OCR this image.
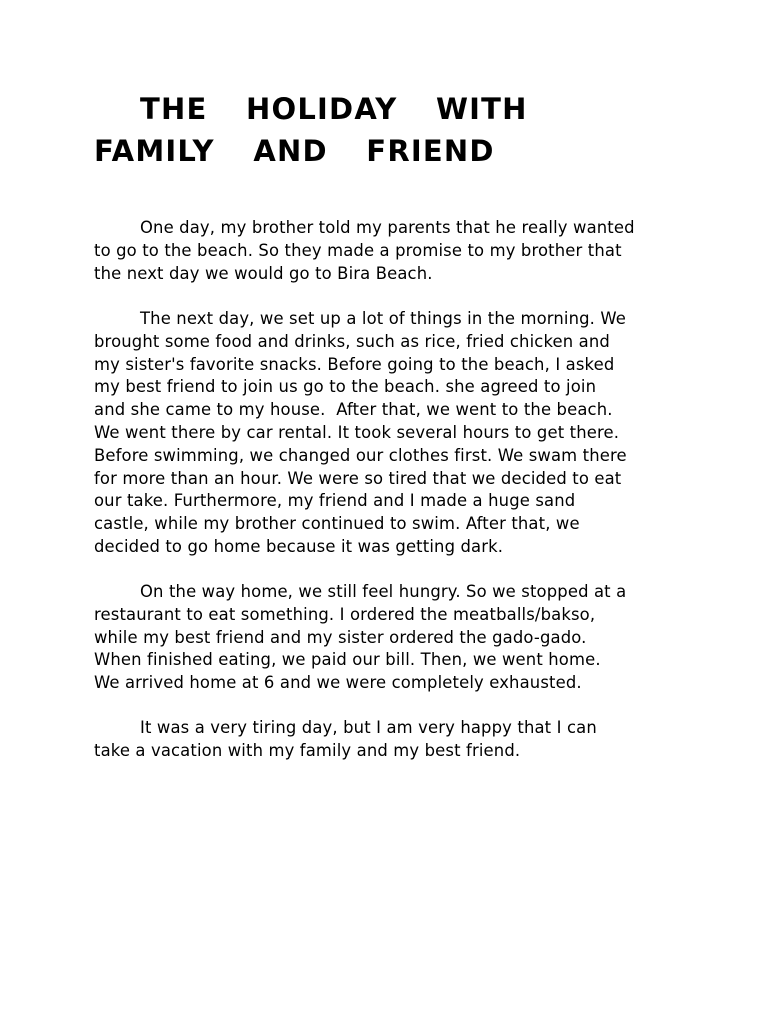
THE  HOLIDAY  WITH
FAMILY  AND  FRIEND

One day, my brother told my parents that he really wanted
to go to the beach. So they made a promise to my brother that
the next day we would go to Bira Beach.

The next day, we set up a lot of things in the morning. We
brought some food and drinks, such as rice, fried chicken and
my sister's favorite snacks. Before going to the beach, I asked
my best friend to join us go to the beach. she agreed to join
and she came to my house.  After that, we went to the beach.
We went there by car rental. It took several hours to get there.
Before swimming, we changed our clothes first. We swam there
for more than an hour. We were so tired that we decided to eat
our take. Furthermore, my friend and I made a huge sand
castle, while my brother continued to swim. After that, we
decided to go home because it was getting dark.

On the way home, we still feel hungry. So we stopped at a
restaurant to eat something. I ordered the meatballs/bakso,
while my best friend and my sister ordered the gado-gado.
When finished eating, we paid our bill. Then, we went home.
We arrived home at 6 and we were completely exhausted.

It was a very tiring day, but I am very happy that I can
take a vacation with my family and my best friend.
